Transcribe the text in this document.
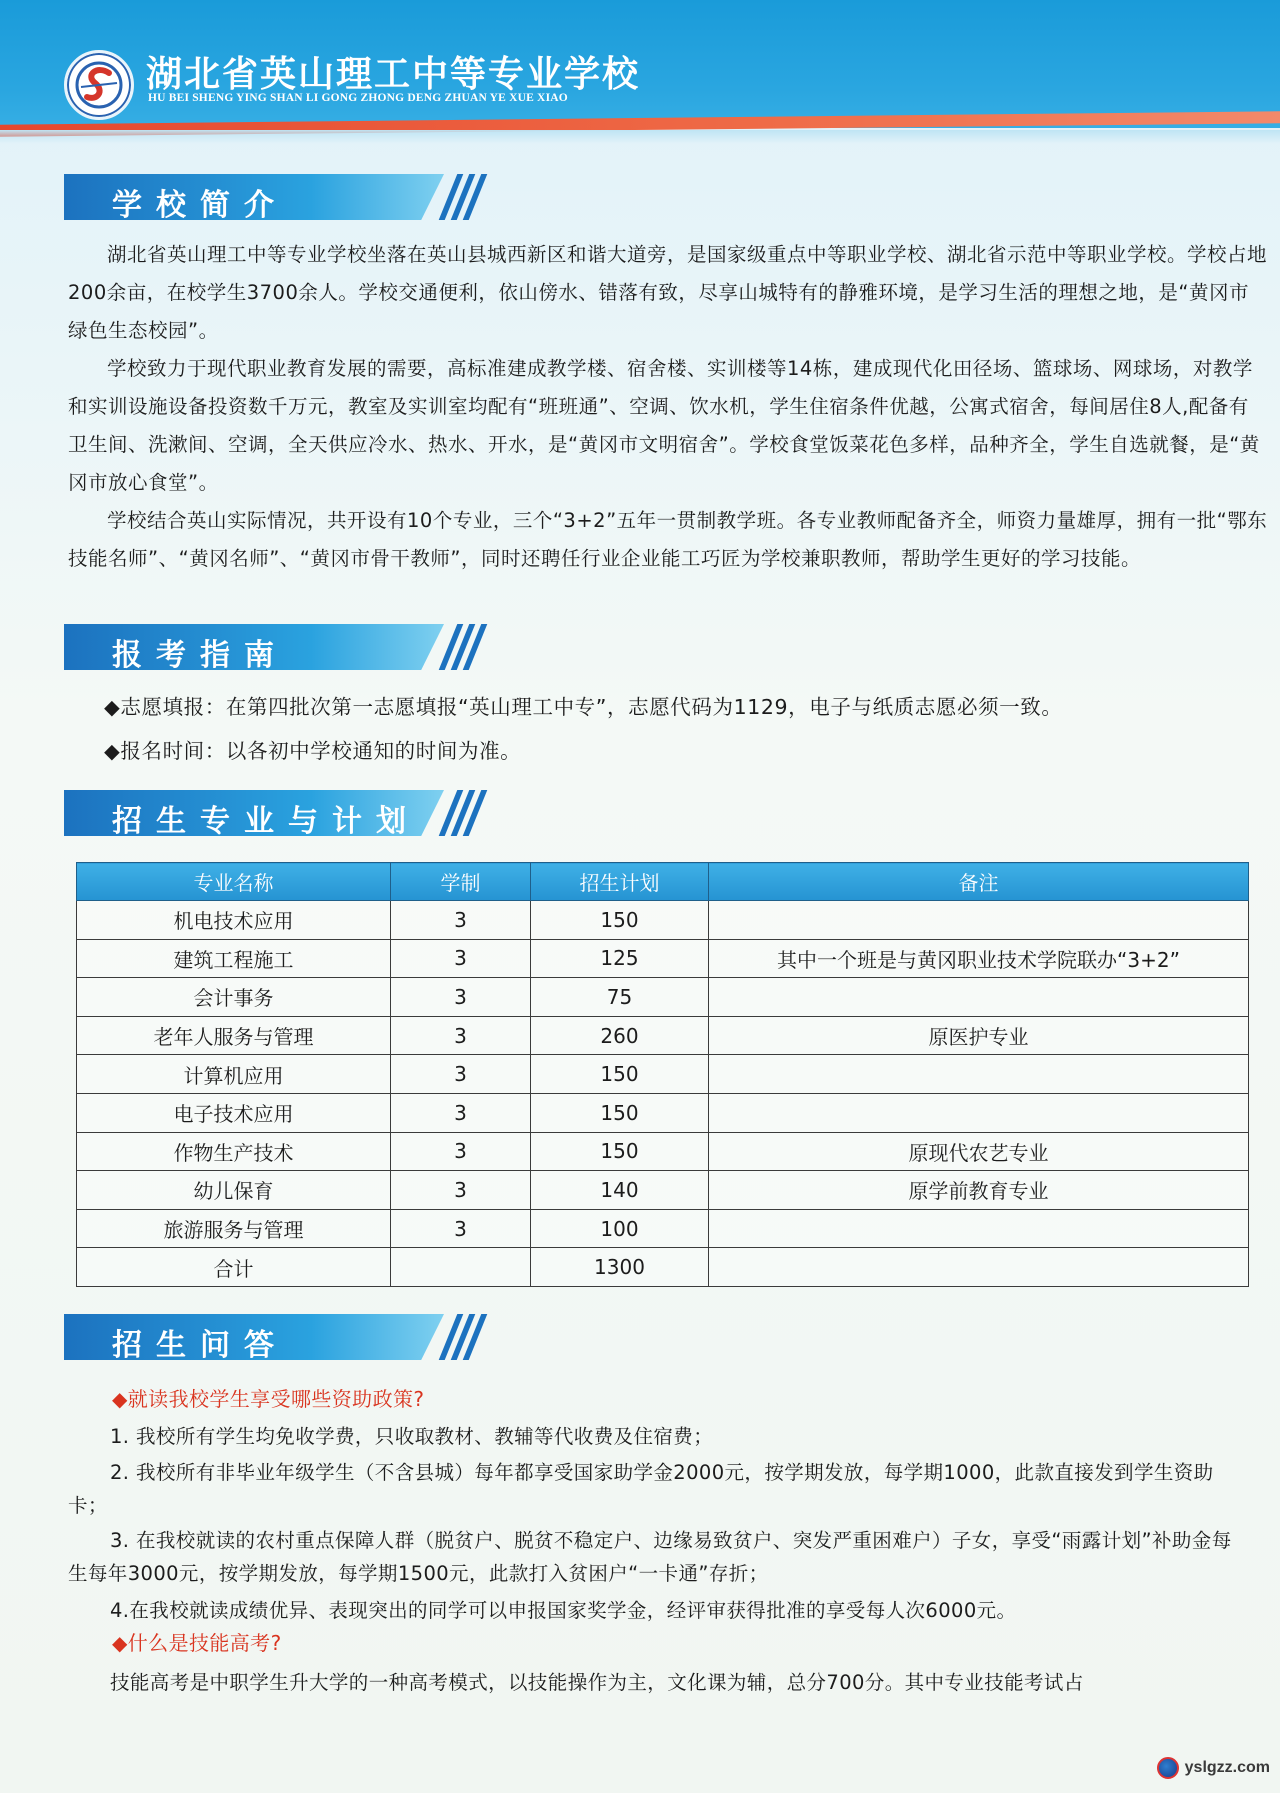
湖北省英山理工中等专业学校
HU BEI SHENG YING SHAN LI GONG ZHONG DENG ZHUAN YE XUE XIAO
学校简介
湖北省英山理工中等专业学校坐落在英山县城西新区和谐大道旁，是国家级重点中等职业学校、湖北省示范中等职业学校。学校占地200余亩，在校学生3700余人。学校交通便利，依山傍水、错落有致，尽享山城特有的静雅环境，是学习生活的理想之地，是“黄冈市绿色生态校园”。
学校致力于现代职业教育发展的需要，高标准建成教学楼、宿舍楼、实训楼等14栋，建成现代化田径场、篮球场、网球场，对教学和实训设施设备投资数千万元，教室及实训室均配有“班班通”、空调、饮水机，学生住宿条件优越，公寓式宿舍，每间居住8人,配备有卫生间、洗漱间、空调，全天供应冷水、热水、开水，是“黄冈市文明宿舍”。学校食堂饭菜花色多样，品种齐全，学生自选就餐，是“黄冈市放心食堂”。
学校结合英山实际情况，共开设有10个专业，三个“3+2”五年一贯制教学班。各专业教师配备齐全，师资力量雄厚，拥有一批“鄂东技能名师”、“黄冈名师”、“黄冈市骨干教师”，同时还聘任行业企业能工巧匠为学校兼职教师，帮助学生更好的学习技能。
报考指南
◆志愿填报：在第四批次第一志愿填报“英山理工中专”，志愿代码为1129，电子与纸质志愿必须一致。
◆报名时间：以各初中学校通知的时间为准。
招生专业与计划
专业名称	学制	招生计划	备注
机电技术应用	3	150	
建筑工程施工	3	125	其中一个班是与黄冈职业技术学院联办“3+2”
会计事务	3	75	
老年人服务与管理	3	260	原医护专业
计算机应用	3	150	
电子技术应用	3	150	
作物生产技术	3	150	原现代农艺专业
幼儿保育	3	140	原学前教育专业
旅游服务与管理	3	100	
合计		1300	
招生问答
◆就读我校学生享受哪些资助政策?
1. 我校所有学生均免收学费，只收取教材、教辅等代收费及住宿费；
2. 我校所有非毕业年级学生（不含县城）每年都享受国家助学金2000元，按学期发放，每学期1000，此款直接发到学生资助卡；
3. 在我校就读的农村重点保障人群（脱贫户、脱贫不稳定户、边缘易致贫户、突发严重困难户）子女，享受“雨露计划”补助金每生每年3000元，按学期发放，每学期1500元，此款打入贫困户“一卡通”存折；
4.在我校就读成绩优异、表现突出的同学可以申报国家奖学金，经评审获得批准的享受每人次6000元。
◆什么是技能高考?
技能高考是中职学生升大学的一种高考模式，以技能操作为主，文化课为辅，总分700分。其中专业技能考试占
yslgzz.com
